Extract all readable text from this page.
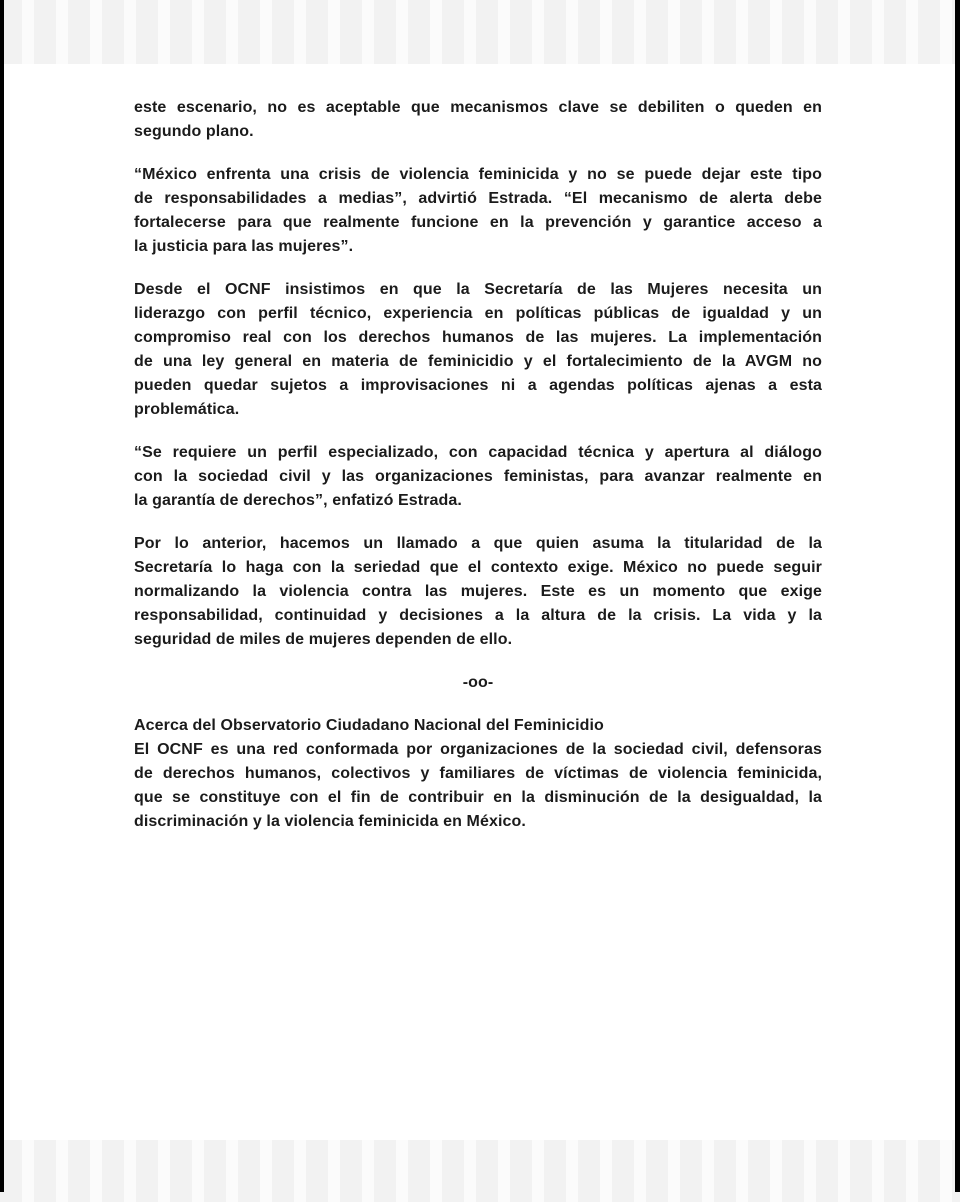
este escenario, no es aceptable que mecanismos clave se debiliten o queden en
segundo plano.
“México enfrenta una crisis de violencia feminicida y no se puede dejar este tipo
de responsabilidades a medias”, advirtió Estrada. “El mecanismo de alerta debe
fortalecerse para que realmente funcione en la prevención y garantice acceso a
la justicia para las mujeres”.
Desde el OCNF insistimos en que la Secretaría de las Mujeres necesita un
liderazgo con perfil técnico, experiencia en políticas públicas de igualdad y un
compromiso real con los derechos humanos de las mujeres. La implementación
de una ley general en materia de feminicidio y el fortalecimiento de la AVGM no
pueden quedar sujetos a improvisaciones ni a agendas políticas ajenas a esta
problemática.
“Se requiere un perfil especializado, con capacidad técnica y apertura al diálogo
con la sociedad civil y las organizaciones feministas, para avanzar realmente en
la garantía de derechos”, enfatizó Estrada.
Por lo anterior, hacemos un llamado a que quien asuma la titularidad de la
Secretaría lo haga con la seriedad que el contexto exige. México no puede seguir
normalizando la violencia contra las mujeres. Este es un momento que exige
responsabilidad, continuidad y decisiones a la altura de la crisis. La vida y la
seguridad de miles de mujeres dependen de ello.
-oo-
Acerca del Observatorio Ciudadano Nacional del Feminicidio
El OCNF es una red conformada por organizaciones de la sociedad civil, defensoras
de derechos humanos, colectivos y familiares de víctimas de violencia feminicida,
que se constituye con el fin de contribuir en la disminución de la desigualdad, la
discriminación y la violencia feminicida en México.
